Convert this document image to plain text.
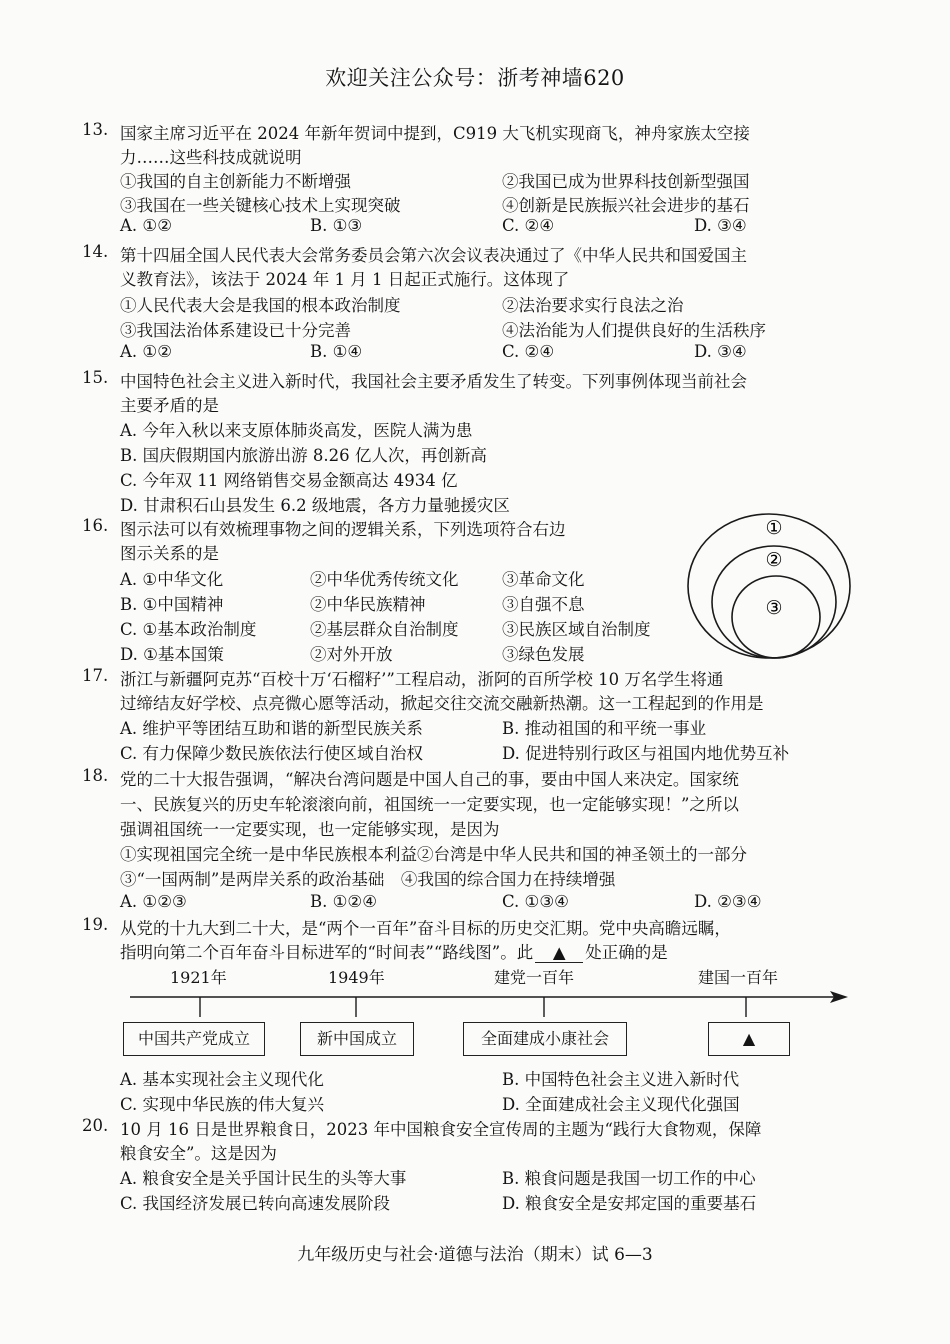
欢迎关注公众号：浙考神墙620
13. 国家主席习近平在 2024 年新年贺词中提到，C919 大飞机实现商飞，神舟家族太空接
力……这些科技成就说明
①我国的自主创新能力不断增强	②我国已成为世界科技创新型强国
③我国在一些关键核心技术上实现突破	④创新是民族振兴社会进步的基石
A. ①②	B. ①③	C. ②④	D. ③④
14. 第十四届全国人民代表大会常务委员会第六次会议表决通过了《中华人民共和国爱国主
义教育法》，该法于 2024 年 1 月 1 日起正式施行。这体现了
①人民代表大会是我国的根本政治制度	②法治要求实行良法之治
③我国法治体系建设已十分完善	④法治能为人们提供良好的生活秩序
A. ①②	B. ①④	C. ②④	D. ③④
15. 中国特色社会主义进入新时代，我国社会主要矛盾发生了转变。下列事例体现当前社会
主要矛盾的是
A. 今年入秋以来支原体肺炎高发，医院人满为患
B. 国庆假期国内旅游出游 8.26 亿人次，再创新高
C. 今年双 11 网络销售交易金额高达 4934 亿
D. 甘肃积石山县发生 6.2 级地震，各方力量驰援灾区
16. 图示法可以有效梳理事物之间的逻辑关系，下列选项符合右边
图示关系的是
A. ①中华文化	②中华优秀传统文化	③革命文化
B. ①中国精神	②中华民族精神	③自强不息
C. ①基本政治制度	②基层群众自治制度	③民族区域自治制度
D. ①基本国策	②对外开放	③绿色发展
①
②
③
17. 浙江与新疆阿克苏“百校十万‘石榴籽’”工程启动，浙阿的百所学校 10 万名学生将通
过缔结友好学校、点亮微心愿等活动，掀起交往交流交融新热潮。这一工程起到的作用是
A. 维护平等团结互助和谐的新型民族关系	B. 推动祖国的和平统一事业
C. 有力保障少数民族依法行使区域自治权	D. 促进特别行政区与祖国内地优势互补
18. 党的二十大报告强调，“解决台湾问题是中国人自己的事，要由中国人来决定。国家统
一、民族复兴的历史车轮滚滚向前，祖国统一一定要实现，也一定能够实现！”之所以
强调祖国统一一定要实现，也一定能够实现，是因为
①实现祖国完全统一是中华民族根本利益②台湾是中华人民共和国的神圣领土的一部分
③“一国两制”是两岸关系的政治基础　④我国的综合国力在持续增强
A. ①②③	B. ①②④	C. ①③④	D. ②③④
19. 从党的十九大到二十大，是“两个一百年”奋斗目标的历史交汇期。党中央高瞻远瞩，
指明向第二个百年奋斗目标进军的“时间表”“路线图”。此 ▲ 处正确的是
1921年	1949年	建党一百年	建国一百年
中国共产党成立	新中国成立	全面建成小康社会	▲
A. 基本实现社会主义现代化	B. 中国特色社会主义进入新时代
C. 实现中华民族的伟大复兴	D. 全面建成社会主义现代化强国
20. 10 月 16 日是世界粮食日，2023 年中国粮食安全宣传周的主题为“践行大食物观，保障
粮食安全”。这是因为
A. 粮食安全是关乎国计民生的头等大事	B. 粮食问题是我国一切工作的中心
C. 我国经济发展已转向高速发展阶段	D. 粮食安全是安邦定国的重要基石
九年级历史与社会·道德与法治（期末）试 6—3
